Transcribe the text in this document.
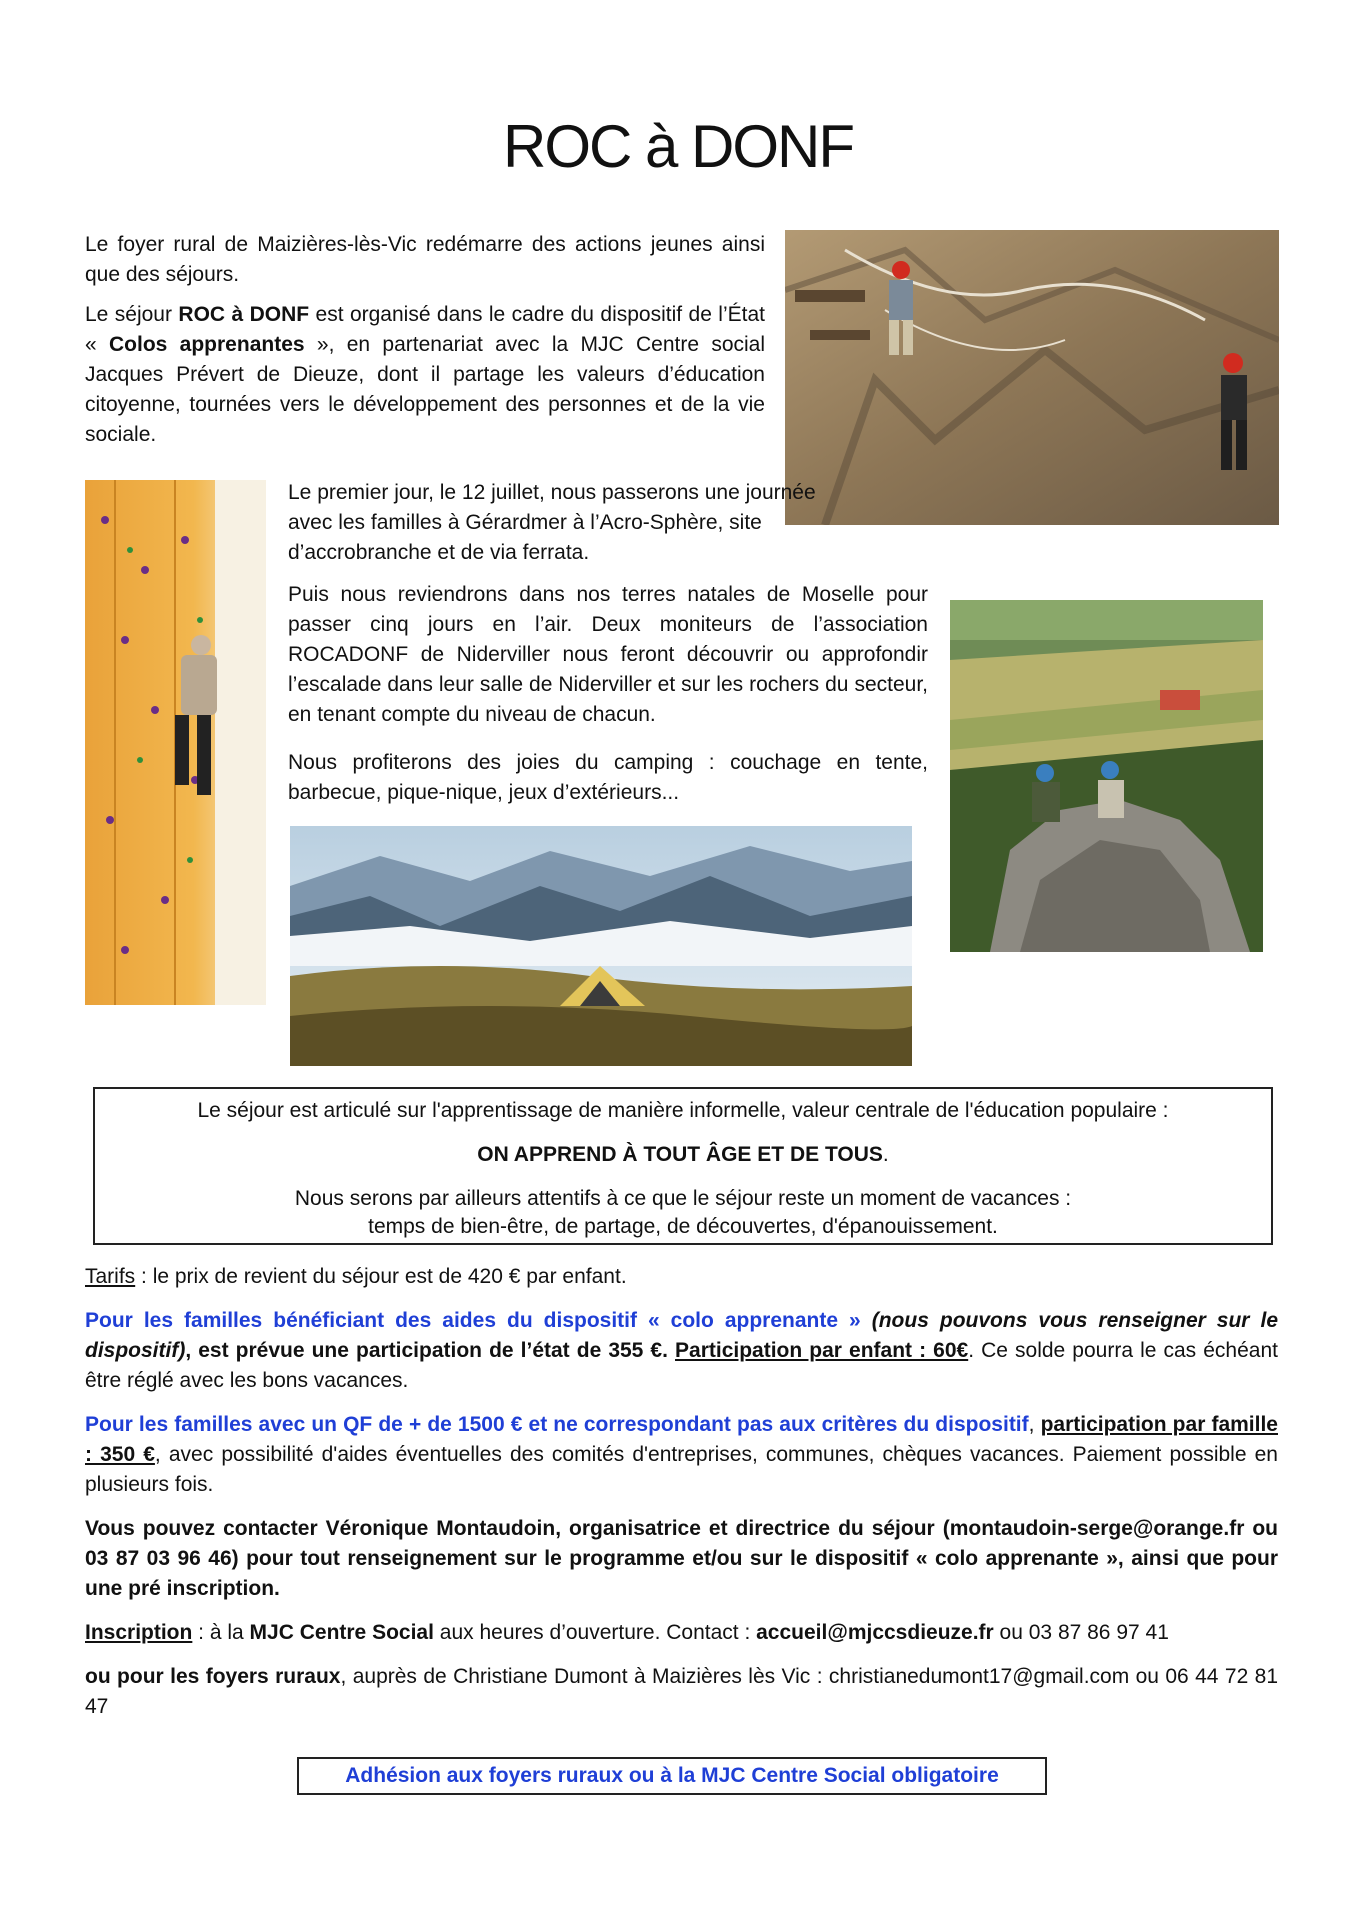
ROC à DONF

Le foyer rural de Maizières-lès-Vic redémarre des actions jeunes ainsi que des séjours.

Le séjour ROC à DONF est organisé dans le cadre du dispositif de l’État « Colos apprenantes », en partenariat avec la MJC Centre social Jacques Prévert de Dieuze, dont il partage les valeurs d’éducation citoyenne, tournées vers le développement des personnes et de la vie sociale.

Le premier jour, le 12 juillet, nous passerons une journée avec les familles à Gérardmer à l’Acro-Sphère, site d’accrobranche et de via ferrata.

Puis nous reviendrons dans nos terres natales de Moselle pour passer cinq jours en l’air. Deux moniteurs de l’association ROCADONF de Niderviller nous feront découvrir ou approfondir l’escalade dans leur salle de Niderviller et sur les rochers du secteur, en tenant compte du niveau de chacun.

Nous profiterons des joies du camping : couchage en tente, barbecue, pique-nique, jeux d’extérieurs...

Le séjour est articulé sur l'apprentissage de manière informelle, valeur centrale de l'éducation populaire :

ON APPREND À TOUT ÂGE ET DE TOUS.

Nous serons par ailleurs attentifs à ce que le séjour reste un moment de vacances :

temps de bien-être, de partage, de découvertes, d'épanouissement.

Tarifs : le prix de revient du séjour est de 420 € par enfant.

Pour les familles bénéficiant des aides du dispositif « colo apprenante » (nous pouvons vous renseigner sur le dispositif), est prévue une participation de l’état de 355 €. Participation par enfant : 60€. Ce solde pourra le cas échéant être réglé avec les bons vacances.

Pour les familles avec un QF de + de 1500 € et ne correspondant pas aux critères du dispositif, participation par famille : 350 €, avec possibilité d'aides éventuelles des comités d'entreprises, communes, chèques vacances. Paiement possible en plusieurs fois.

Vous pouvez contacter Véronique Montaudoin, organisatrice et directrice du séjour (montaudoin-serge@orange.fr ou 03 87 03 96 46) pour tout renseignement sur le programme et/ou sur le dispositif « colo apprenante », ainsi que pour une pré inscription.

Inscription : à la MJC Centre Social aux heures d’ouverture. Contact : accueil@mjccsdieuze.fr ou 03 87 86 97 41

ou pour les foyers ruraux, auprès de Christiane Dumont à Maizières lès Vic : christianedumont17@gmail.com ou 06 44 72 81 47

Adhésion aux foyers ruraux ou à la MJC Centre Social obligatoire
